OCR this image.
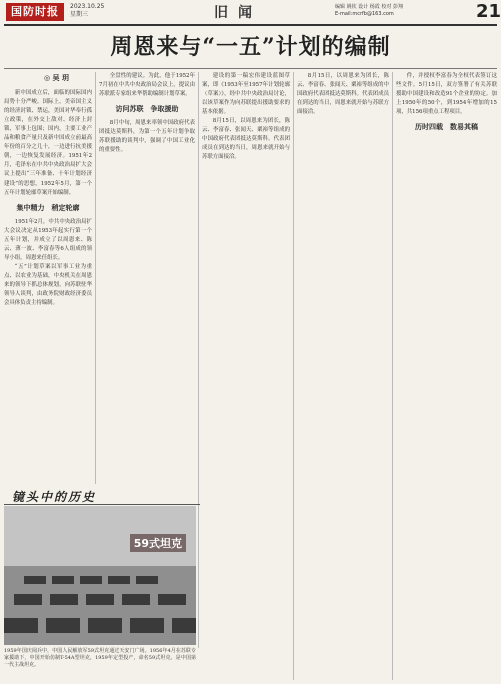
国防时报	2023.10.25
星期三	旧闻	编辑 姚钦 设计 杨霞 校对 彭翔
E-mail:mcrfb@163.com	21
周恩来与“一五”计划的编制

◎ 吴 玥

新中国成立后，面临的国际国内局势十分严峻。国际上，美帝国主义的经济封锁、禁运，美国对华奉行孤立政策，在外交上敌对、经济上封锁、军事上包围；国内，主要工业产品和粮食产量只及新中国成立前最高年份的百分之几十，一边进行抗美援朝，一边恢复发展经济。1951年2月，毛泽东在中共中央政治局扩大会议上提出“三年准备、十年计划经济建设”的思想，1952年5月，第一个五年计划轮廓草案开始编制。

集中精力　稍定轮廓

1951年2月，中共中央政治局扩大会议决定从1953年起实行第一个五年计划，并成立了以周恩来、陈云、薄一波、李富春等6人组成的领导小组，周恩来任组长。

“五”计划草案以军事工业为重点、以农业为基础，中央机关在周恩来的领导下抓总体规划，向苏联驻华领导人谈判，由政务院财政经济委员会具体负责主持编制。

全盘性的建议。为此，他于1952年7月初在中共中央政治局会议上，提议由苏联派专家组来华帮助编制计划草案。

访问苏联　争取援助

8月中旬，周恩来率领中国政府代表团抵达莫斯科，为第一个五年计划争取苏联援助的谈判中，强调了中国工业化的重要性。

建设的第一稿宏伟建设蓝图草案，即《1953年至1957年计划轮廓（草案）》，经中共中央政治局讨论，以该草案作为向苏联提出援助要求的基本依据。

8月15日，以周恩来为团长，陈云、李富春、张闻天、粟裕等组成的中国政府代表团抵达莫斯科。代表团成员在到达的当日，周恩来就开始与苏联方面接洽。

8月15日，以周恩来为团长，陈云、李富春、张闻天、粟裕等组成的中国政府代表团抵达莫斯科。代表团成员在到达的当日，周恩来就开始与苏联方面接洽。

件，并授权李富春为全权代表签订这些文件。5月15日，双方签署了有关苏联援助中国建设和改造91个企业的协定。加上1950年的50个，到1954年增加的15项，共156项重点工程项目。

历时四载　数易其稿

镜头中的历史
59式坦克
1959年国庆阅兵中，中国人民解放军59式坦克通过天安门广场。1956年4月在苏联专家援助下，中国开始仿制T-54A型坦克，1959年定型投产，命名59式坦克，是中国第一代主战坦克。
